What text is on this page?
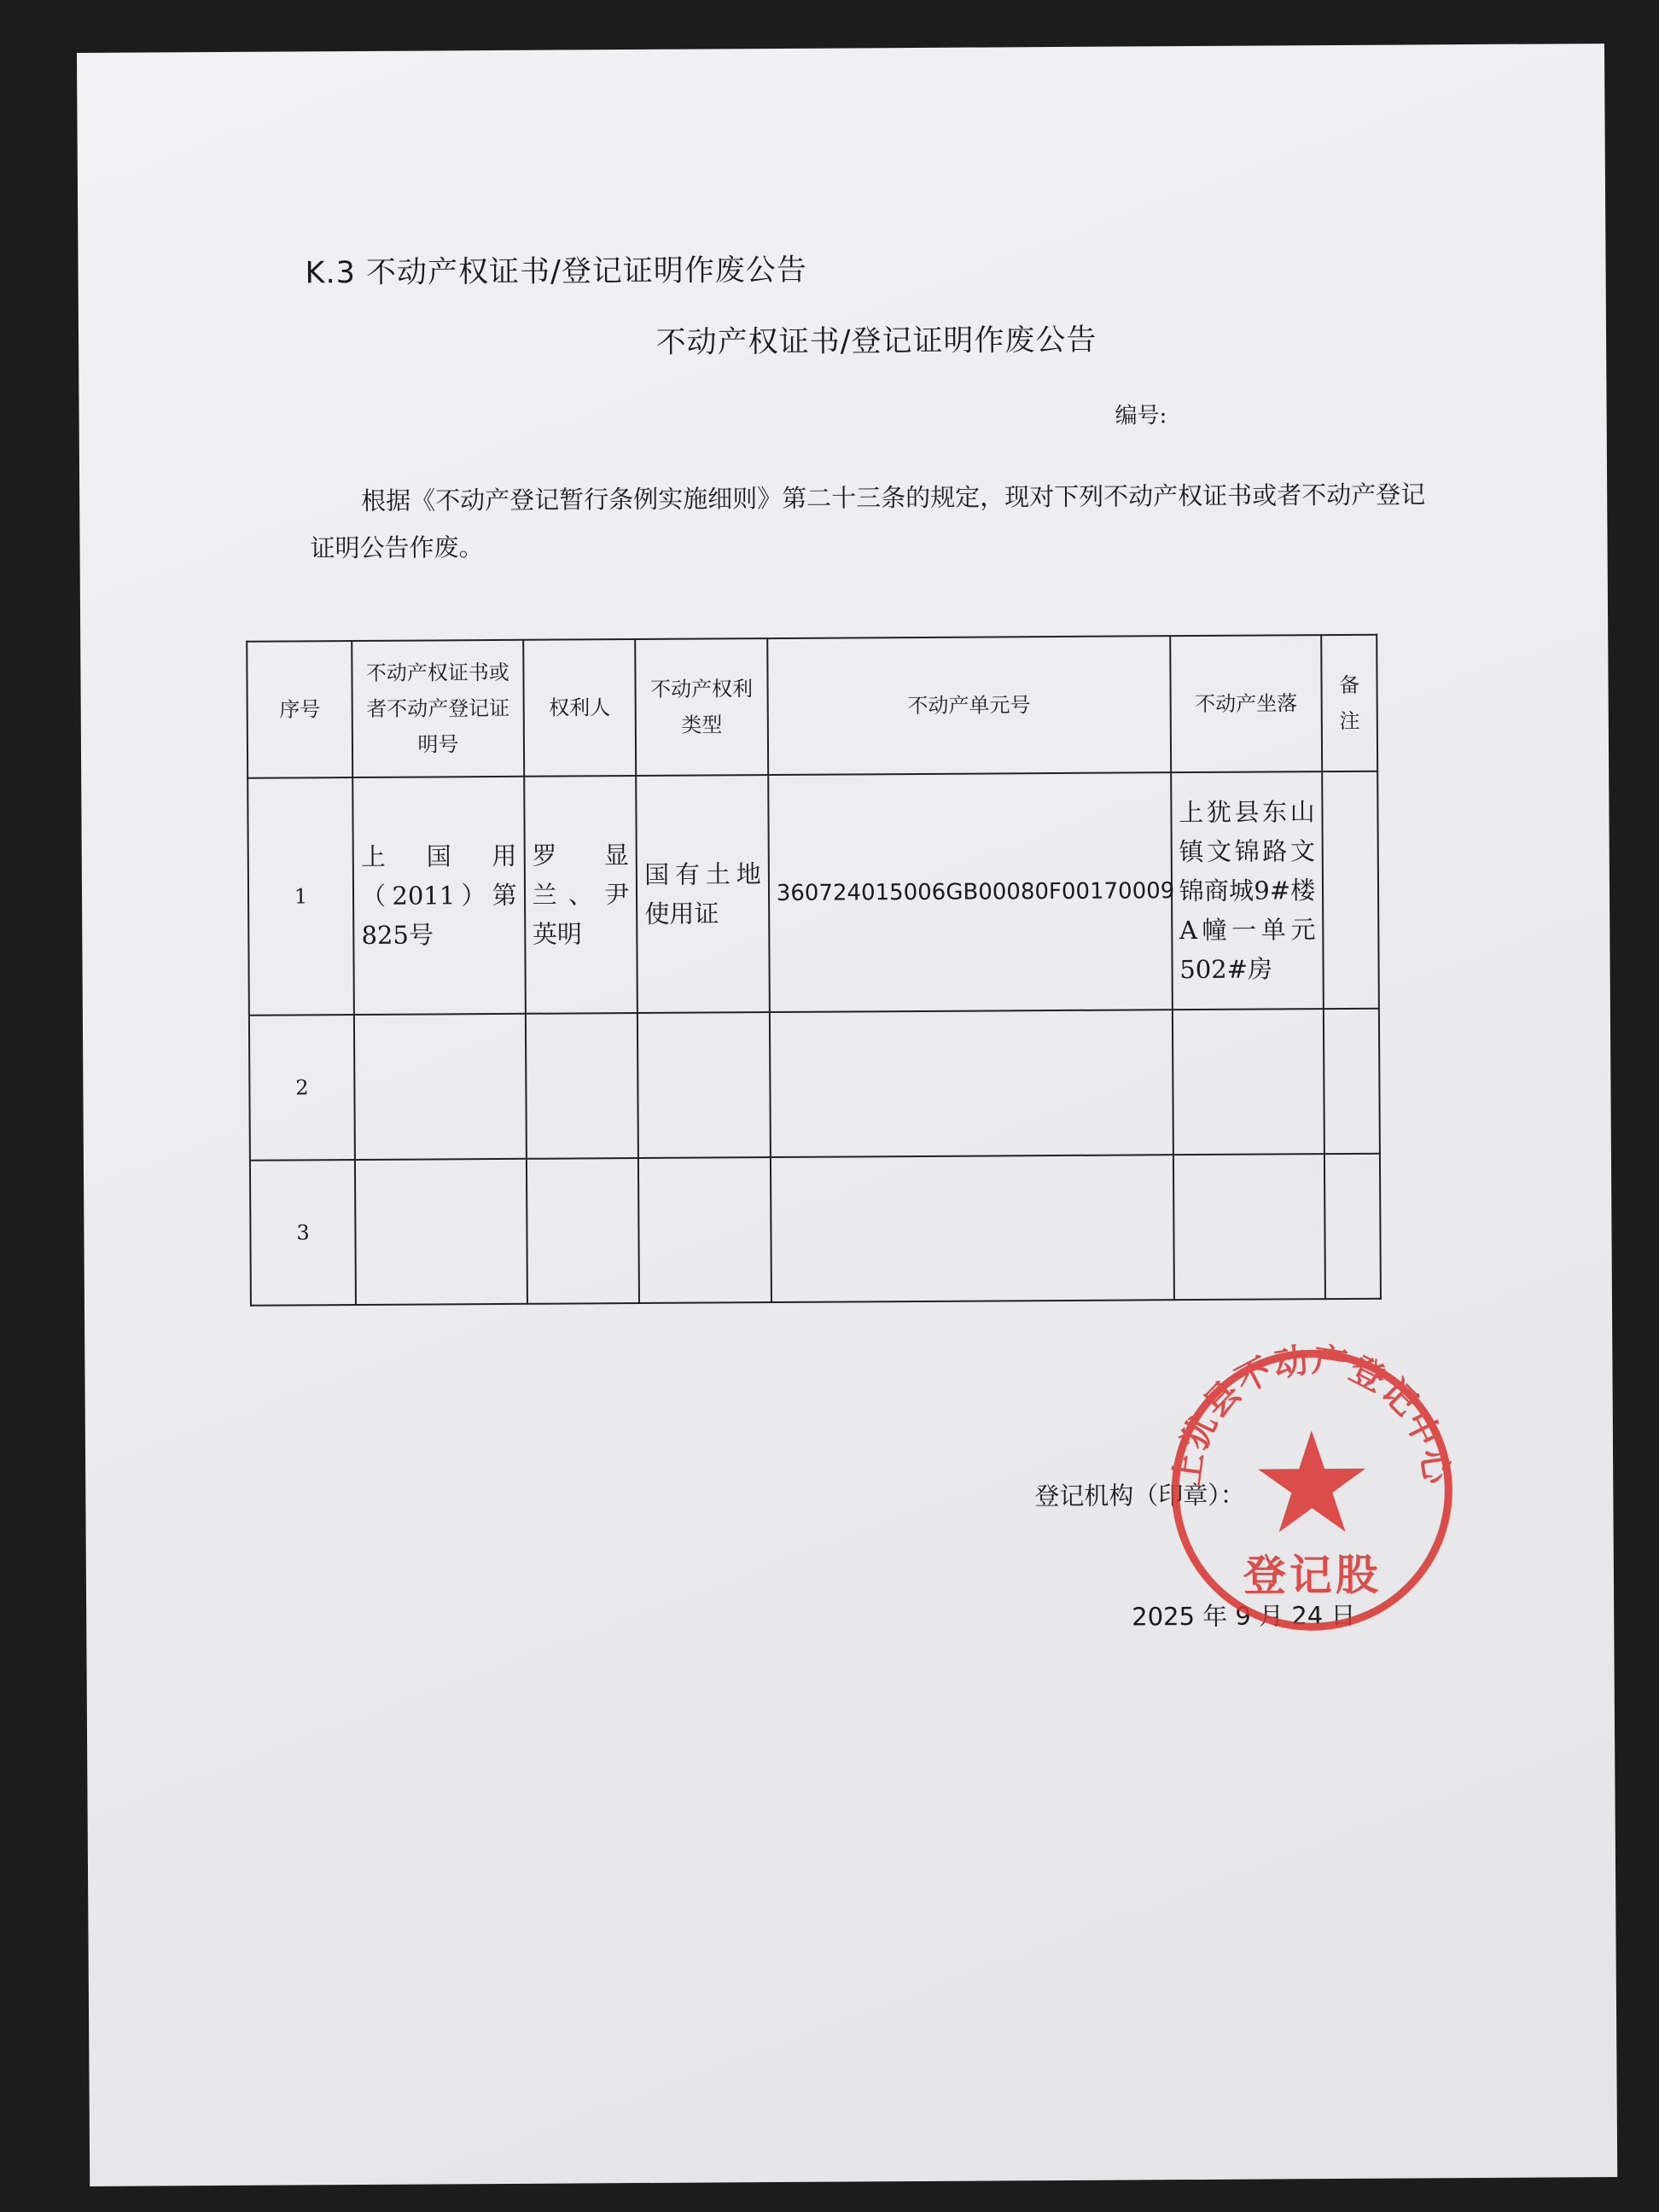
K.3 不动产权证书/登记证明作废公告
不动产权证书/登记证明作废公告
编号:

根据《不动产登记暂行条例实施细则》第二十三条的规定，现对下列不动产权证书或者不动产登记证明公告作废。

序号	不动产权证书或者不动产登记证明号	权利人	不动产权利类型	不动产单元号	不动产坐落	备注
1	上国用（2011）第825号	罗显兰、尹英明	国有土地使用证	360724015006GB00080F00170009	上犹县东山镇文锦路文锦商城9#楼A幢一单元502#房	
2						
3						
登记机构（印章）：
2025 年 9 月 24 日
上犹县不动产登记中心
登记股
